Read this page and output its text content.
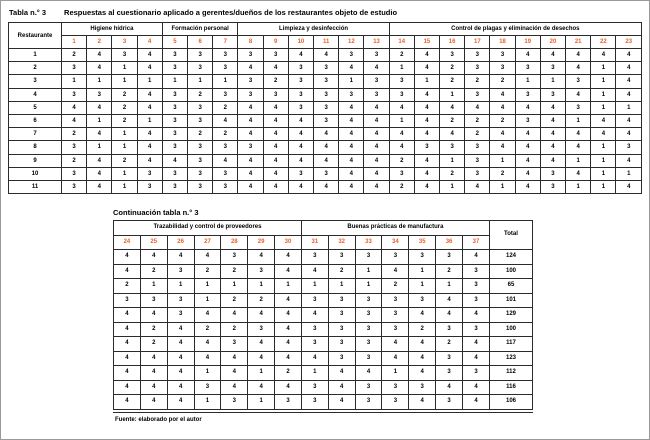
Tabla n.° 3 Respuestas al cuestionario aplicado a gerentes/dueños de los restaurantes objeto de estudio
Restaurante	Higiene hídrica				Formación personal			Limpieza y desinfección						Control de plagas y eliminación de desechos									
	1	2	3	4	5	6	7	8	9	10	11	12	13	14	15	16	17	18	19	20	21	22	23
1	2	4	3	4	3	3	3	3	3	4	4	3	3	2	4	3	3	3	4	4	4	4	4
2	3	4	1	4	3	3	3	4	4	3	3	4	4	1	4	2	3	3	3	3	4	1	4
3	1	1	1	1	1	1	1	3	2	3	3	1	3	3	1	2	2	2	1	1	3	1	4
4	3	3	2	4	3	2	3	3	3	3	3	3	3	3	4	1	3	4	3	3	4	1	4
5	4	4	2	4	3	3	2	4	4	3	3	4	4	4	4	4	4	4	4	4	3	1	1
6	4	1	2	1	3	3	4	4	4	4	3	4	4	1	4	2	2	2	3	4	1	4	4
7	2	4	1	4	3	2	2	4	4	4	4	4	4	4	4	4	2	4	4	4	4	4	4
8	3	1	1	4	3	3	3	3	4	4	4	4	4	4	3	3	3	4	4	4	4	1	3
9	2	4	2	4	4	3	4	4	4	4	4	4	4	2	4	1	3	1	4	4	1	1	4
10	3	4	1	3	3	3	3	4	4	3	3	4	4	3	4	2	3	2	4	3	4	1	1
11	3	4	1	3	3	3	3	4	4	4	4	4	4	2	4	1	4	1	4	3	1	1	4
Continuación tabla n.° 3
Trazabilidad y control de proveedores							Buenas prácticas de manufactura							Total
24	25	26	27	28	29	30	31	32	33	34	35	36	37	
4	4	4	4	3	4	4	3	3	3	3	3	3	4	124
4	2	3	2	2	3	4	4	2	1	4	1	2	3	100
2	1	1	1	1	1	1	1	1	1	2	1	1	3	65
3	3	3	1	2	2	4	3	3	3	3	3	4	3	101
4	4	3	4	4	4	4	4	3	3	3	4	4	4	129
4	2	4	2	2	3	4	3	3	3	3	2	3	3	100
4	2	4	4	3	4	4	3	3	3	4	4	2	4	117
4	4	4	4	4	4	4	4	3	3	4	4	3	4	123
4	4	4	1	4	1	2	1	4	4	1	4	3	3	112
4	4	4	3	4	4	4	3	4	3	3	3	4	4	116
4	4	4	1	3	1	3	3	4	3	3	4	3	4	106
Fuente: elaborado por el autor
